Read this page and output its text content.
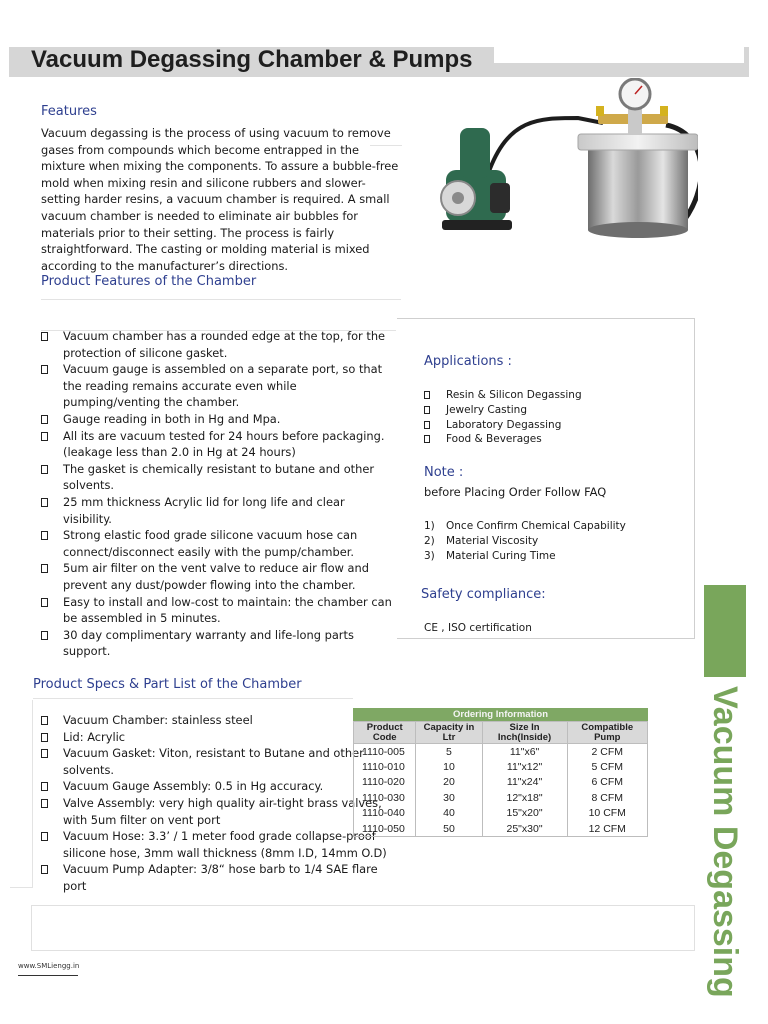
Vacuum Degassing Chamber & Pumps
Features

Vacuum degassing is the process of using vacuum to remove gases from compounds which become entrapped in the mixture when mixing the components. To assure a bubble-free mold when mixing resin and silicone rubbers and slower-setting harder resins, a vacuum chamber is required. A small vacuum chamber is needed to eliminate air bubbles for materials prior to their setting. The process is fairly straightforward. The casting or molding material is mixed according to the manufacturer’s directions.

Product Features of the Chamber
Vacuum chamber has a rounded edge at the top, for the protection of silicone gasket.
Vacuum gauge is assembled on a separate port, so that the reading remains accurate even while pumping/venting the chamber.
Gauge reading in both in Hg and Mpa.
All its are vacuum tested for 24 hours before packaging. (leakage less than 2.0 in Hg at 24 hours)
The gasket is chemically resistant to butane and other solvents.
25 mm thickness Acrylic lid for long life and clear visibility.
Strong elastic food grade silicone vacuum hose can connect/disconnect easily with the pump/chamber.
5um air filter on the vent valve to reduce air flow and prevent any dust/powder flowing into the chamber.
Easy to install and low-cost to maintain: the chamber can be assembled in 5 minutes.
30 day complimentary warranty and life-long parts support.
Applications :
Resin & Silicon Degassing
Jewelry Casting
Laboratory Degassing
Food & Beverages
Note :
before Placing Order Follow FAQ
1) Once Confirm Chemical Capability
2) Material Viscosity
3) Material Curing Time
Safety compliance:
CE , ISO certification
Product Specs & Part List of the Chamber
Vacuum Chamber: stainless steel
Lid: Acrylic
Vacuum Gasket: Viton, resistant to Butane and other solvents.
Vacuum Gauge Assembly: 0.5 in Hg accuracy.
Valve Assembly: very high quality air-tight brass valves, with 5um filter on vent port
Vacuum Hose: 3.3’ / 1 meter food grade collapse-proof silicone hose, 3mm wall thickness (8mm I.D, 14mm O.D)
Vacuum Pump Adapter: 3/8“ hose barb to 1/4 SAE flare port
Ordering Information
Product Code	Capacity in Ltr	Size In Inch(Inside)	Compatible Pump
1110-005	5	11"x6"	2 CFM
1110-010	10	11"x12"	5 CFM
1110-020	20	11"x24"	6 CFM
1110-030	30	12"x18"	8 CFM
1110-040	40	15"x20"	10 CFM
1110-050	50	25"x30"	12 CFM Vacuum Degassing
www.SMLiengg.in
